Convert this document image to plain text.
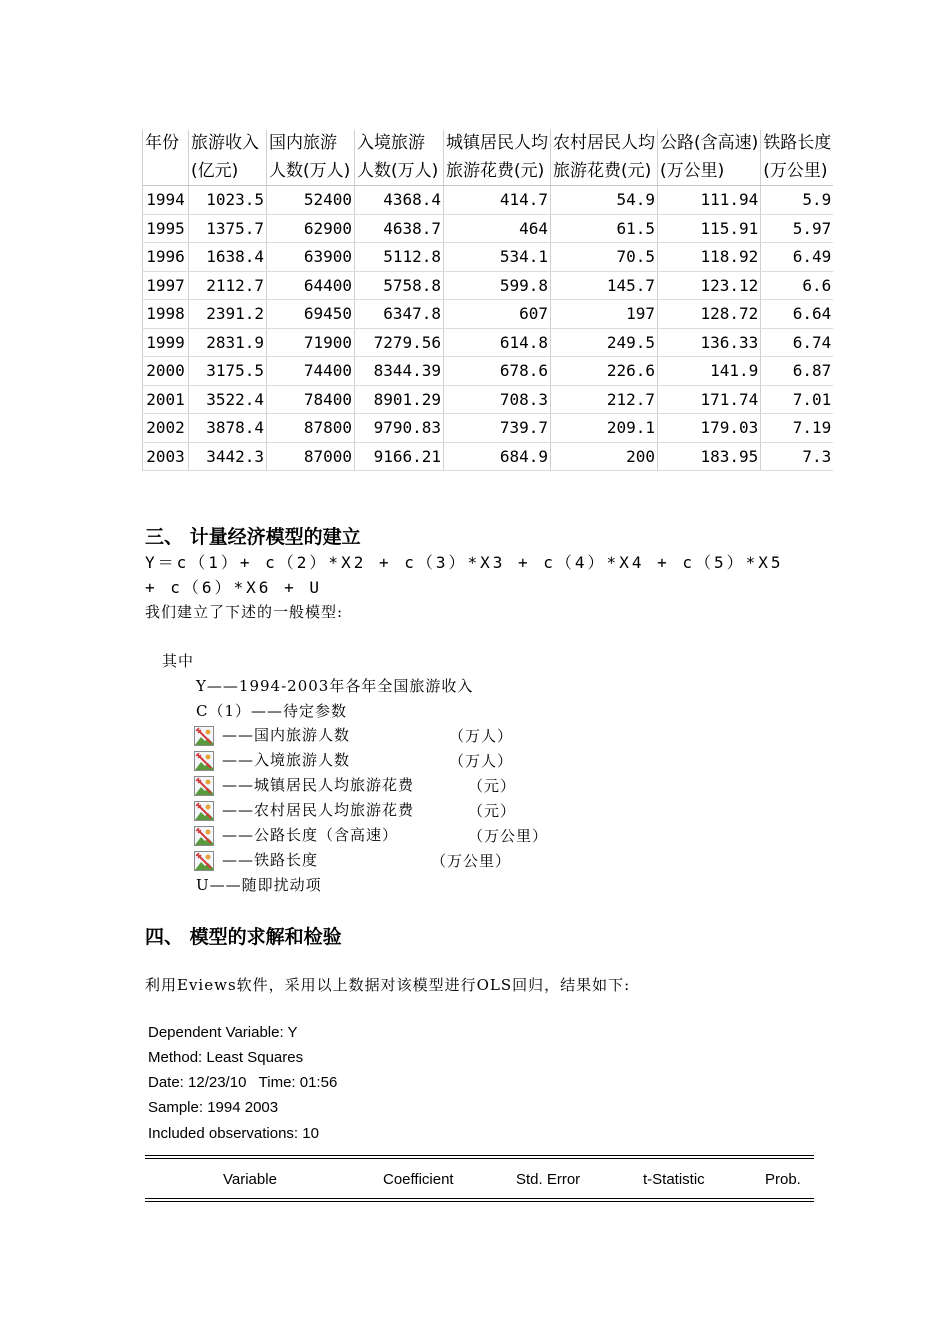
年份	旅游收入	国内旅游	入境旅游	城镇居民人均	农村居民人均	公路(含高速)	铁路长度
	(亿元)	人数(万人)	人数(万人)	旅游花费(元)	旅游花费(元)	(万公里)	(万公里)
1994	1023.5	52400	4368.4	414.7	54.9	111.94	5.9
1995	1375.7	62900	4638.7	464	61.5	115.91	5.97
1996	1638.4	63900	5112.8	534.1	70.5	118.92	6.49
1997	2112.7	64400	5758.8	599.8	145.7	123.12	6.6
1998	2391.2	69450	6347.8	607	197	128.72	6.64
1999	2831.9	71900	7279.56	614.8	249.5	136.33	6.74
2000	3175.5	74400	8344.39	678.6	226.6	141.9	6.87
2001	3522.4	78400	8901.29	708.3	212.7	171.74	7.01
2002	3878.4	87800	9790.83	739.7	209.1	179.03	7.19
2003	3442.3	87000	9166.21	684.9	200	183.95	7.3
三、 计量经济模型的建立
Y＝c（1）+ c（2）*X2 + c（3）*X3 + c（4）*X4 + c（5）*X5
+ c（6）*X6 + U
我们建立了下述的一般模型:
其中
Y——1994-2003年各年全国旅游收入
C（1）——待定参数
——国内旅游人数	（万人）
——入境旅游人数	（万人）
——城镇居民人均旅游花费	（元）
——农村居民人均旅游花费	（元）
——公路长度（含高速）	（万公里）
——铁路长度	（万公里）
U——随即扰动项
四、 模型的求解和检验
利用Eviews软件，采用以上数据对该模型进行OLS回归，结果如下:
Dependent Variable: Y
Method: Least Squares
Date: 12/23/10   Time: 01:56
Sample: 1994 2003
Included observations: 10
Variable	Coefficient	Std. Error	t-Statistic	Prob.
